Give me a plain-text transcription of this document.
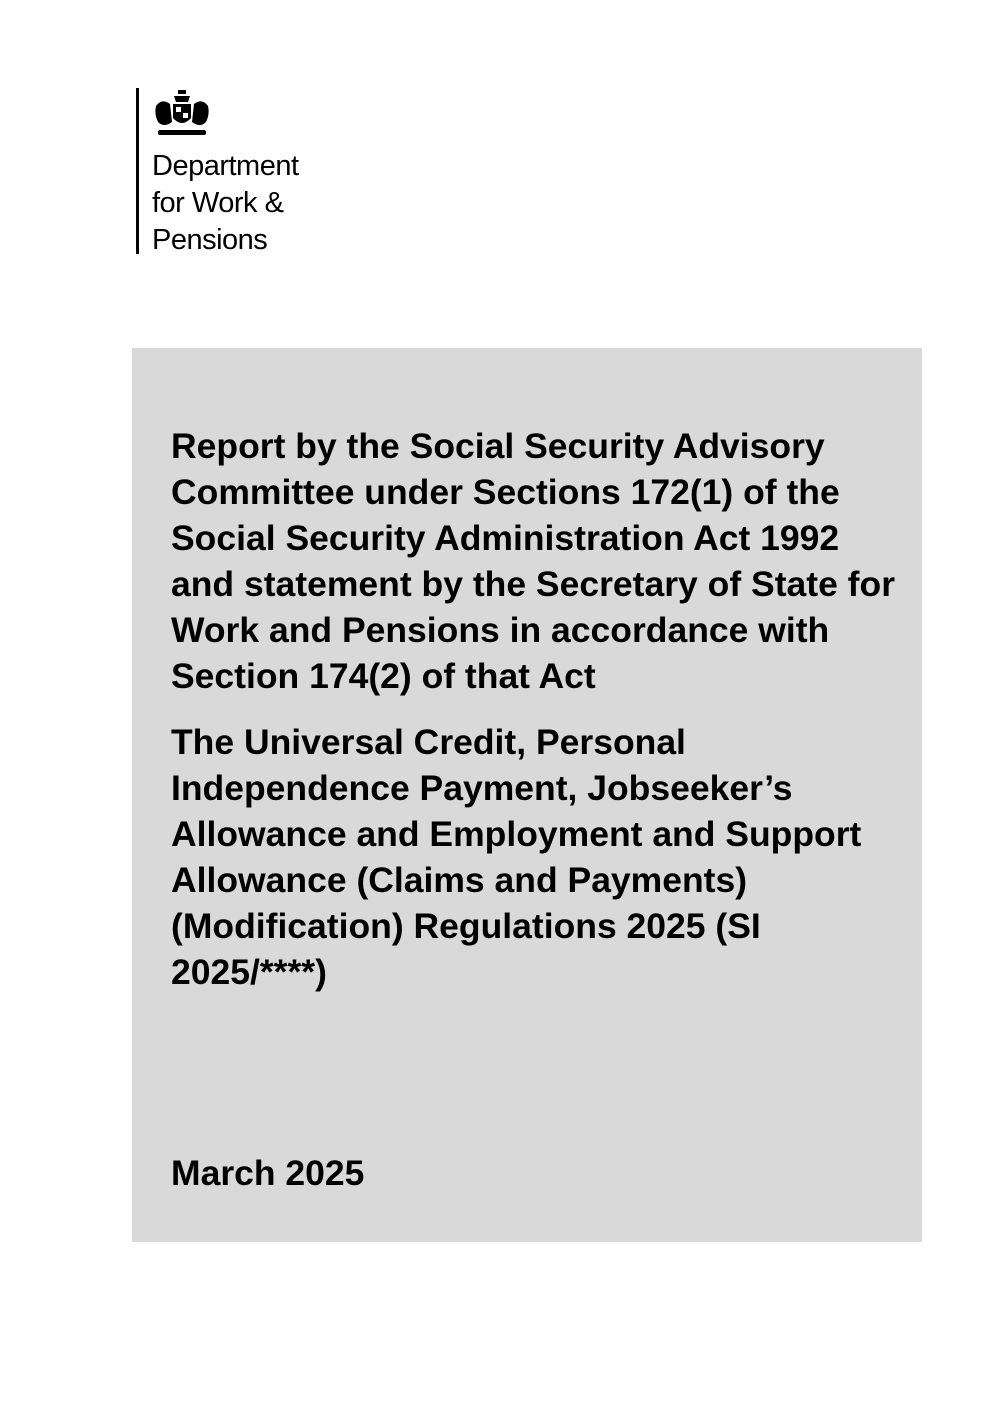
Department
for Work &
Pensions

Report by the Social Security Advisory Committee under Sections 172(1) of the Social Security Administration Act 1992 and statement by the Secretary of State for Work and Pensions in accordance with Section 174(2) of that Act

The Universal Credit, Personal Independence Payment, Jobseeker’s Allowance and Employment and Support Allowance (Claims and Payments) (Modification) Regulations 2025 (SI 2025/****)

March 2025
